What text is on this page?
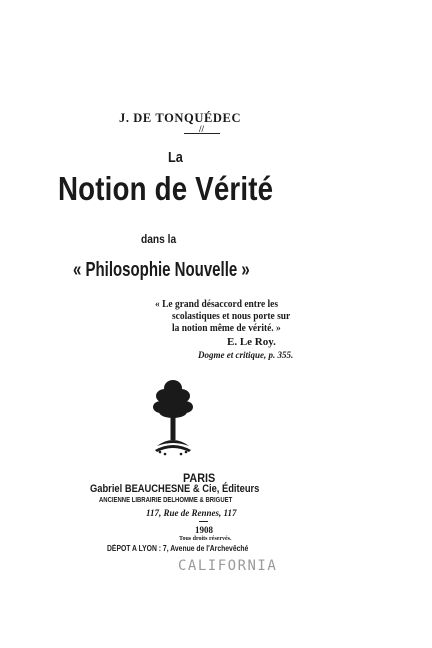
J. DE TONQUÉDEC
//
La
Notion de Vérité
dans la
« Philosophie Nouvelle »
« Le grand désaccord entre les
scolastiques et nous porte sur
la notion même de vérité. »
E. Le Roy.
Dogme et critique, p. 355.
PARIS
Gabriel BEAUCHESNE & Cie, Éditeurs
ANCIENNE LIBRAIRIE DELHOMME & BRIGUET
117, Rue de Rennes, 117
1908
Tous droits réservés.
DÉPOT A LYON : 7, Avenue de l'Archevêché
CALIFORNIA
